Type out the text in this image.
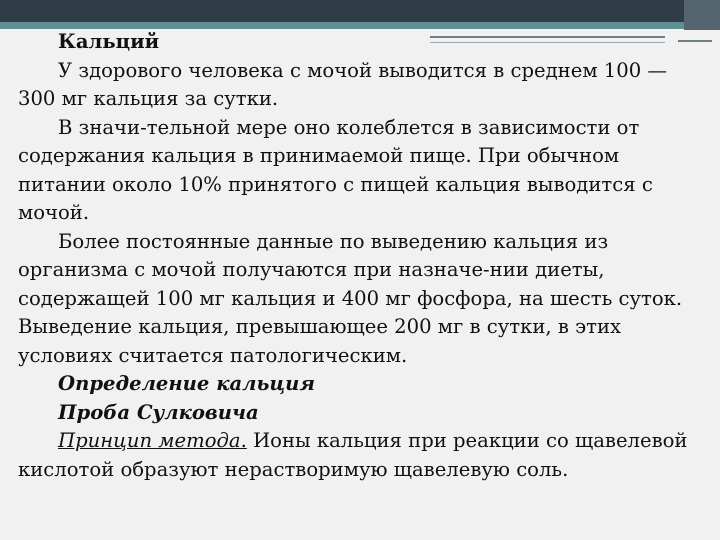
Кальций

У здорового человека с мочой выводится в среднем 100 —300 мг кальция за сутки.

В значи-тельной мере оно колеблется в зависимости от содержания кальция в принимаемой пище. При обычном питании около 10% принятого с пищей кальция выводится с мочой.

Более постоянные данные по выведению кальция из организма с мочой получаются при назначе-нии диеты, содержащей 100 мг кальция и 400 мг фосфора, на шесть суток. Выведение кальция, превышающее 200 мг в сутки, в этих условиях считается патологическим.

Определение кальция

Проба Сулковича

Принцип метода. Ионы кальция при реакции со щавелевой кислотой образуют нерастворимую щавелевую соль.
